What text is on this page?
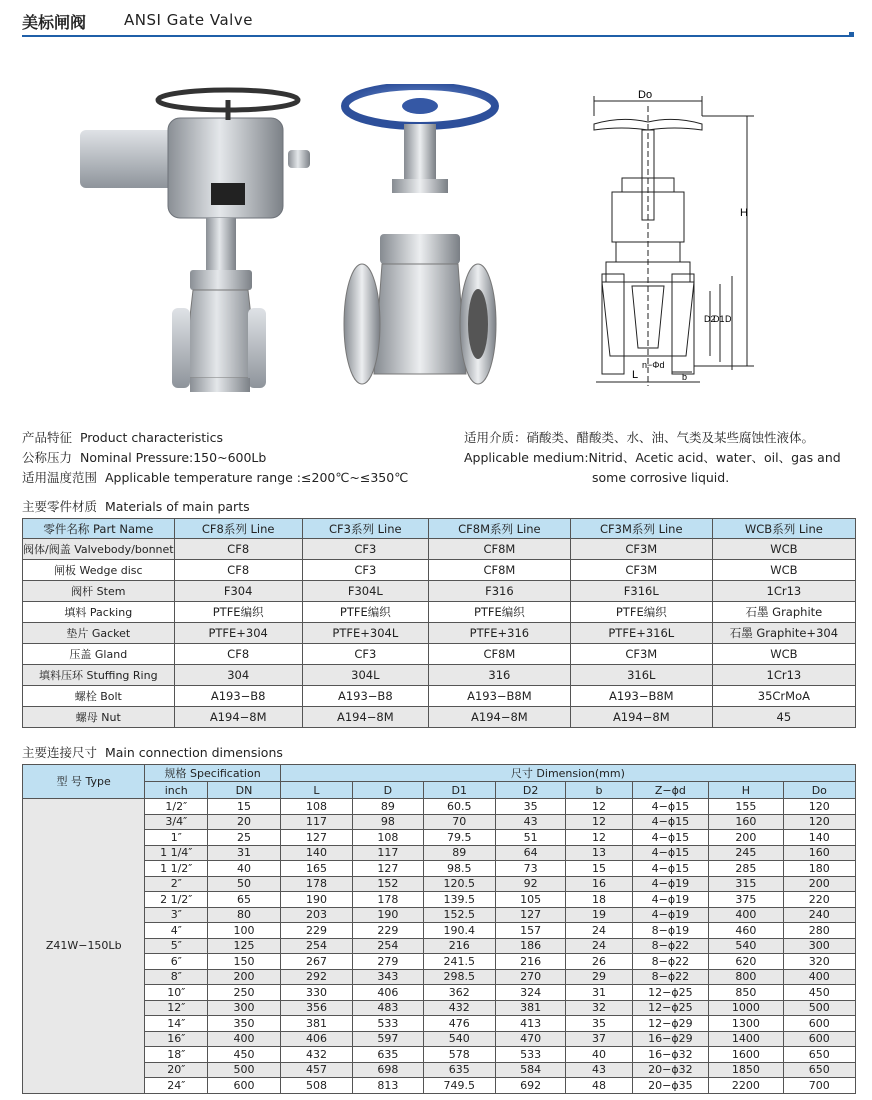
美标闸阀	ANSI Gate Valve
Do
H
L
D2
D1 D
n−Φd
b
产品特征 Product characteristics
公称压力 Nominal Pressure:150~600Lb
适用温度范围 Applicable temperature range :≤200℃~≤350℃
适用介质：硝酸类、醋酸类、水、油、气类及某些腐蚀性液体。
Applicable medium:Nitrid、Acetic acid、water、oil、gas and
some corrosive liquid.
主要零件材质 Materials of main parts
零件名称 Part Name	CF8系列 Line	CF3系列 Line	CF8M系列 Line	CF3M系列 Line	WCB系列 Line
阀体/阀盖 Valvebody/bonnet	CF8	CF3	CF8M	CF3M	WCB
闸板 Wedge disc	CF8	CF3	CF8M	CF3M	WCB
阀杆 Stem	F304	F304L	F316	F316L	1Cr13
填料 Packing	PTFE编织	PTFE编织	PTFE编织	PTFE编织	石墨 Graphite
垫片 Gacket	PTFE+304	PTFE+304L	PTFE+316	PTFE+316L	石墨 Graphite+304
压盖 Gland	CF8	CF3	CF8M	CF3M	WCB
填料压环 Stuffing Ring	304	304L	316	316L	1Cr13
螺栓 Bolt	A193−B8	A193−B8	A193−B8M	A193−B8M	35CrMoA
螺母 Nut	A194−8M	A194−8M	A194−8M	A194−8M	45
主要连接尺寸 Main connection dimensions
型 号 Type	规格 Specification		尺寸 Dimension(mm)							
	inch	DN	L	D	D1	D2	b	Z−ϕd	H	Do
Z41W−150Lb	1/2″	15	108	89	60.5	35	12	4−ϕ15	155	120
	3/4″	20	117	98	70	43	12	4−ϕ15	160	120
	1″	25	127	108	79.5	51	12	4−ϕ15	200	140
	1 1/4″	31	140	117	89	64	13	4−ϕ15	245	160
	1 1/2″	40	165	127	98.5	73	15	4−ϕ15	285	180
	2″	50	178	152	120.5	92	16	4−ϕ19	315	200
	2 1/2″	65	190	178	139.5	105	18	4−ϕ19	375	220
	3″	80	203	190	152.5	127	19	4−ϕ19	400	240
	4″	100	229	229	190.4	157	24	8−ϕ19	460	280
	5″	125	254	254	216	186	24	8−ϕ22	540	300
	6″	150	267	279	241.5	216	26	8−ϕ22	620	320
	8″	200	292	343	298.5	270	29	8−ϕ22	800	400
	10″	250	330	406	362	324	31	12−ϕ25	850	450
	12″	300	356	483	432	381	32	12−ϕ25	1000	500
	14″	350	381	533	476	413	35	12−ϕ29	1300	600
	16″	400	406	597	540	470	37	16−ϕ29	1400	600
	18″	450	432	635	578	533	40	16−ϕ32	1600	650
	20″	500	457	698	635	584	43	20−ϕ32	1850	650
	24″	600	508	813	749.5	692	48	20−ϕ35	2200	700
